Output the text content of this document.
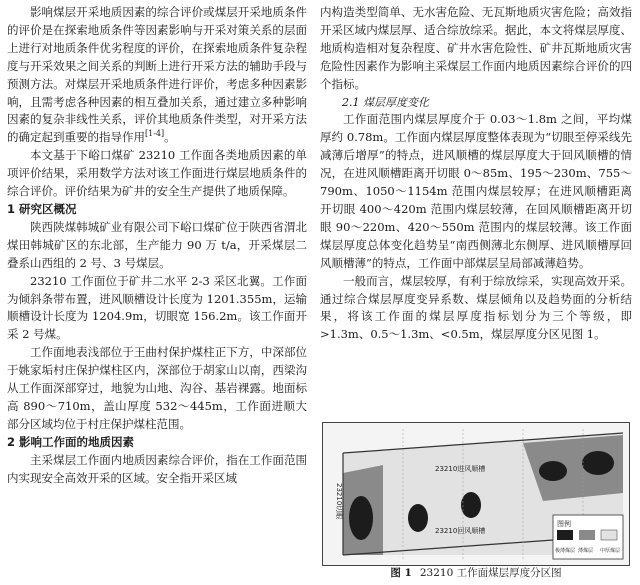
影响煤层开采地质因素的综合评价或煤层开采地质条件的评价是在探索地质条件等因素影响与开采对策关系的层面上进行对地质条件优劣程度的评价，在探索地质条件复杂程度与开采效果之间关系的判断上进行开采方法的辅助手段与预测方法。对煤层开采地质条件进行评价，考虑多种因素影响，且需考虑各种因素的相互叠加关系，通过建立多种影响因素的复杂非线性关系，评价其地质条件类型，对开采方法的确定起到重要的指导作用[1-4]。

本文基于下峪口煤矿 23210 工作面各类地质因素的单项评价结果，采用数学方法对该工作面进行煤层地质条件的综合评价。评价结果为矿井的安全生产提供了地质保障。

1 研究区概况

陕西陕煤韩城矿业有限公司下峪口煤矿位于陕西省渭北煤田韩城矿区的东北部，生产能力 90 万 t/a，开采煤层二叠系山西组的 2 号、3 号煤层。

23210 工作面位于矿井二水平 2-3 采区北翼。工作面为倾斜条带布置，进风顺槽设计长度为 1201.355m，运输顺槽设计长度为 1204.9m，切眼宽 156.2m。该工作面开采 2 号煤。

工作面地表浅部位于王曲村保护煤柱正下方，中深部位于姚家垢村庄保护煤柱区内，深部位于胡家山以南，西梁沟从工作面深部穿过，地貌为山地、沟谷、基岩裸露。地面标高 890～710m，盖山厚度 532～445m，工作面进顺大部分区域均位于村庄保护煤柱范围。

2 影响工作面的地质因素

主采煤层工作面内地质因素综合评价，指在工作面范围内实现安全高效开采的区域。安全指开采区域

内构造类型简单、无水害危险、无瓦斯地质灾害危险；高效指开采区域内煤层厚、适合综放综采。据此，本文将煤层厚度、地质构造相对复杂程度、矿井水害危险性、矿井瓦斯地质灾害危险性因素作为影响主采煤层工作面内地质因素综合评价的四个指标。

2.1 煤层厚度变化

工作面范围内煤层厚度介于 0.03～1.8m 之间，平均煤厚约 0.78m。工作面内煤层厚度整体表现为“切眼至停采线先减薄后增厚”的特点，进风顺槽的煤层厚度大于回风顺槽的情况，在进风顺槽距离开切眼 0～85m、195～230m、755～790m、1050～1154m 范围内煤层较厚；在进风顺槽距离开切眼 400～420m 范围内煤层较薄，在回风顺槽距离开切眼 90～220m、420～550m 范围内的煤层较薄。该工作面煤层厚度总体变化趋势呈“南西侧薄北东侧厚、进风顺槽厚回风顺槽薄”的特点，工作面中部煤层呈局部减薄趋势。

一般而言，煤层较厚，有利于综放综采，实现高效开采。通过综合煤层厚度变异系数、煤层倾角以及趋势面的分析结果，将该工作面的煤层厚度指标划分为三个等级，即>1.3m、0.5～1.3m、<0.5m，煤层厚度分区见图 1。

23210进风顺槽
23210回风顺槽
23210切眼
图例
极薄煤层 薄煤层 中厚煤层
图 1 23210 工作面煤层厚度分区图
